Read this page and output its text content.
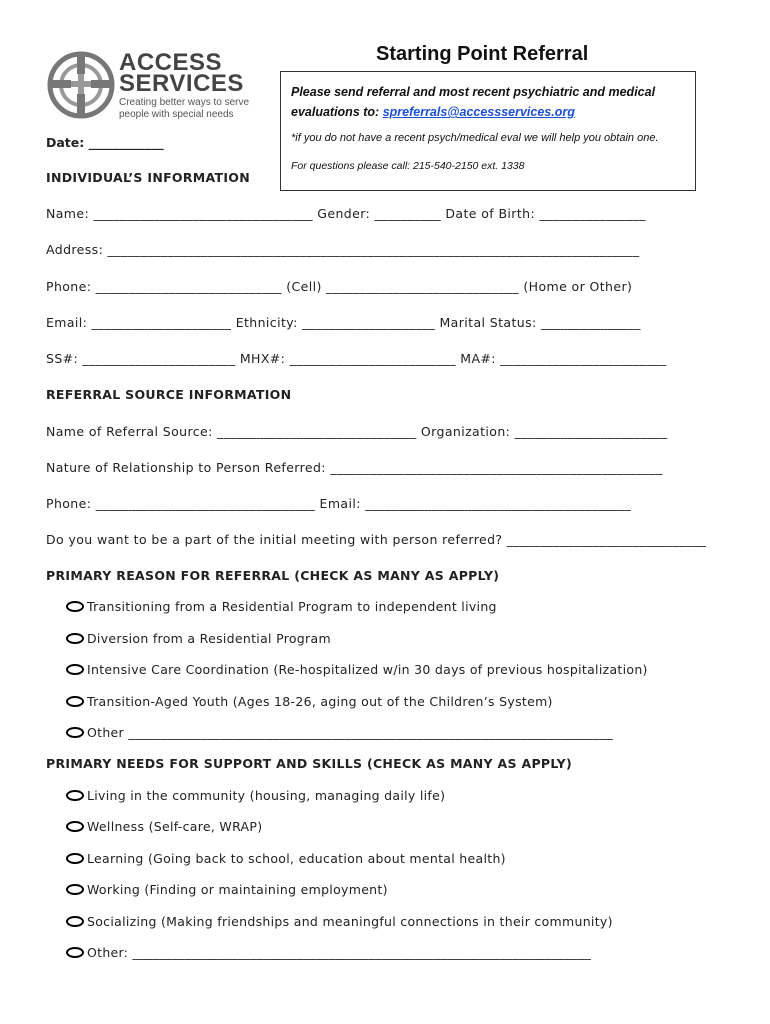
ACCESS
SERVICES
Creating better ways to serve people with special needs
Starting Point Referral

Please send referral and most recent psychiatric and medical evaluations to: spreferrals@accessservices.org

*if you do not have a recent psych/medical eval we will help you obtain one.

For questions please call: 215-540-2150 ext. 1338

Date: ____________
INDIVIDUAL’S INFORMATION
Name: _________________________________ Gender: __________ Date of Birth: ________________
Address: ________________________________________________________________________________
Phone: ____________________________ (Cell) _____________________________ (Home or Other)
Email: _____________________ Ethnicity: ____________________ Marital Status: _______________
SS#: _______________________ MHX#: _________________________ MA#: _________________________
REFERRAL SOURCE INFORMATION
Name of Referral Source: ______________________________ Organization: _______________________
Nature of Relationship to Person Referred: __________________________________________________
Phone: _________________________________ Email: ________________________________________
Do you want to be a part of the initial meeting with person referred? ______________________________
PRIMARY REASON FOR REFERRAL (CHECK AS MANY AS APPLY)
Transitioning from a Residential Program to independent living
Diversion from a Residential Program
Intensive Care Coordination (Re-hospitalized w/in 30 days of previous hospitalization)
Transition-Aged Youth (Ages 18-26, aging out of the Children’s System)
Other __________________________________________________________________________
PRIMARY NEEDS FOR SUPPORT AND SKILLS (CHECK AS MANY AS APPLY)
Living in the community (housing, managing daily life)
Wellness (Self-care, WRAP)
Learning (Going back to school, education about mental health)
Working (Finding or maintaining employment)
Socializing (Making friendships and meaningful connections in their community)
Other: ______________________________________________________________________
